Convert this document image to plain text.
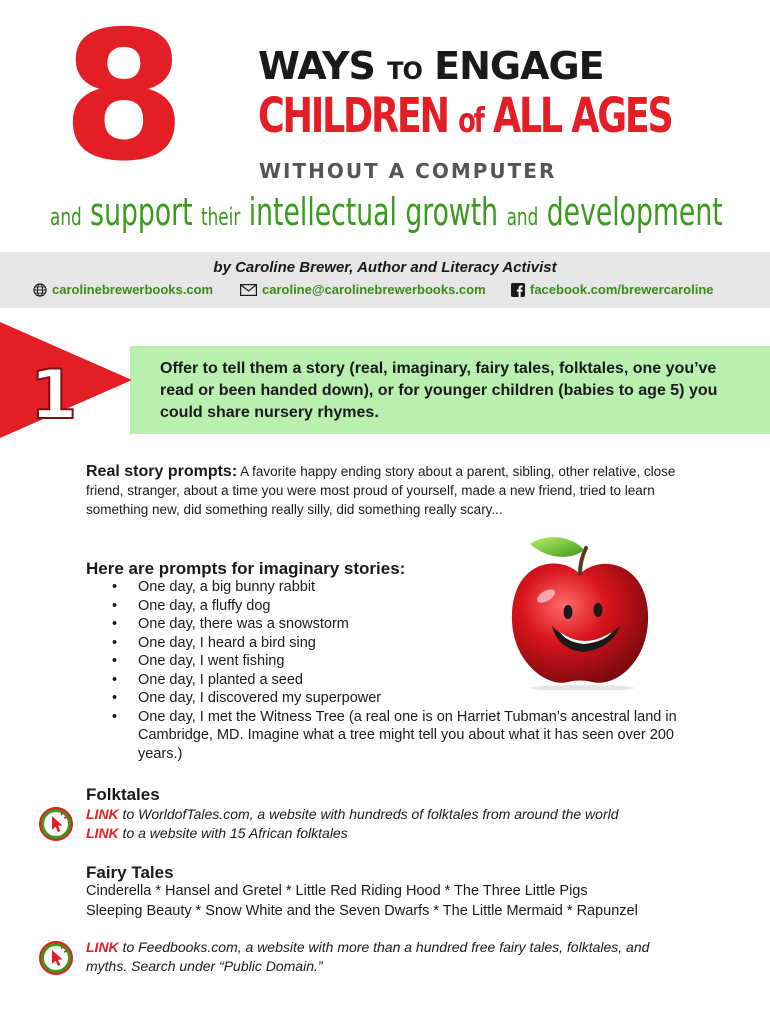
8 WAYS TO ENGAGE
CHILDREN of ALL AGES
WITHOUT A COMPUTER
and support their intellectual growth and development
by Caroline Brewer, Author and Literacy Activist
carolinebrewerbooks.com	caroline@carolinebrewerbooks.com	facebook.com/brewercaroline
1	Offer to tell them a story (real, imaginary, fairy tales, folktales, one you’ve read or been handed down), or for younger children (babies to age 5) you could share nursery rhymes.
Real story prompts: A favorite happy ending story about a parent, sibling, other relative, close friend, stranger, about a time you were most proud of yourself, made a new friend, tried to learn something new, did something really silly, did something really scary...
Here are prompts for imaginary stories:
• One day, a big bunny rabbit
• One day, a fluffy dog
• One day, there was a snowstorm
• One day, I heard a bird sing
• One day, I went fishing
• One day, I planted a seed
• One day, I discovered my superpower
• One day, I met the Witness Tree (a real one is on Harriet Tubman’s ancestral land in Cambridge, MD. Imagine what a tree might tell you about what it has seen over 200 years.)
Folktales
LINK to WorldofTales.com, a website with hundreds of folktales from around the world
LINK to a website with 15 African folktales
Fairy Tales
Cinderella * Hansel and Gretel * Little Red Riding Hood * The Three Little Pigs
Sleeping Beauty * Snow White and the Seven Dwarfs * The Little Mermaid * Rapunzel
LINK to Feedbooks.com, a website with more than a hundred free fairy tales, folktales, and
myths. Search under “Public Domain.”
